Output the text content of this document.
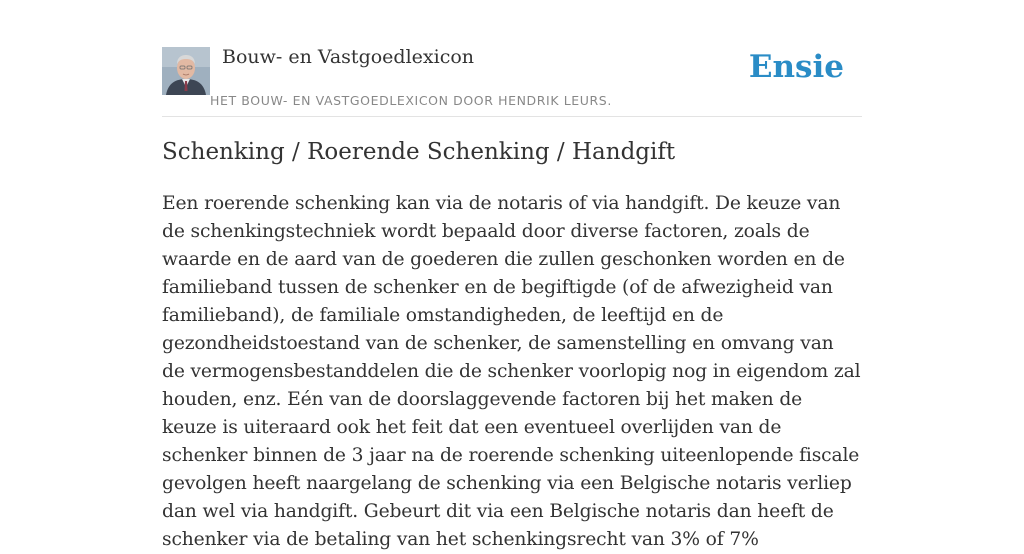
Bouw- en Vastgoedlexicon
HET BOUW- EN VASTGOEDLEXICON DOOR HENDRIK LEURS.
Ensie
Schenking / Roerende Schenking / Handgift

Een roerende schenking kan via de notaris of via handgift. De keuze van de schenkingstechniek wordt bepaald door diverse factoren, zoals de waarde en de aard van de goederen die zullen geschonken worden en de familieband tussen de schenker en de begiftigde (of de afwezigheid van familieband), de familiale omstandigheden, de leeftijd en de gezondheidstoestand van de schenker, de samenstelling en omvang van de vermogensbestanddelen die de schenker voorlopig nog in eigendom zal houden, enz. Eén van de doorslaggevende factoren bij het maken de keuze is uiteraard ook het feit dat een eventueel overlijden van de schenker binnen de 3 jaar na de roerende schenking uiteenlopende fiscale gevolgen heeft naargelang de schenking via een Belgische notaris verliep dan wel via handgift. Gebeurt dit via een Belgische notaris dan heeft de schenker via de betaling van het schenkingsrecht van 3% of 7%
